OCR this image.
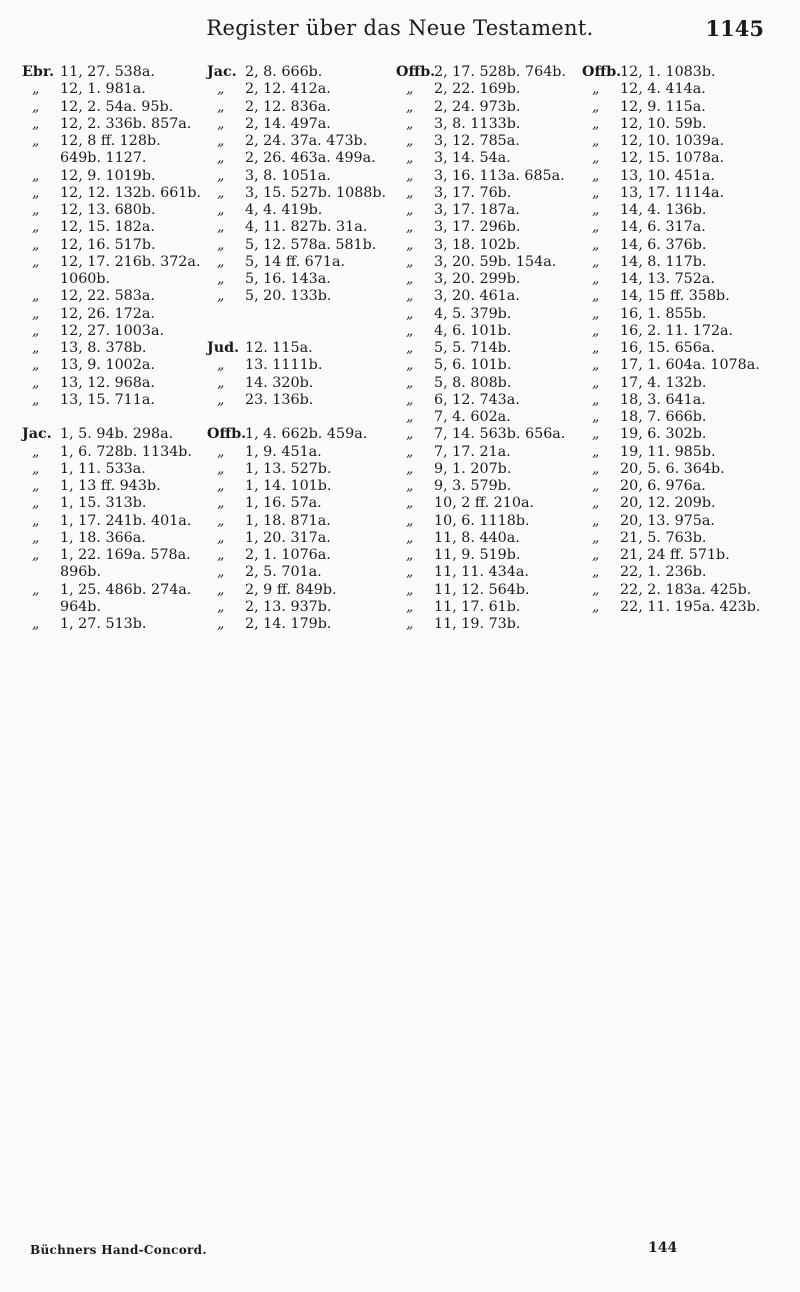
Register über das Neue Testament.	1145
Ebr. 11, 27. 538a.
„ 12, 1. 981a.
„ 12, 2. 54a. 95b.
„ 12, 2. 336b. 857a.
„ 12, 8 ff. 128b.
649b. 1127.
„ 12, 9. 1019b.
„ 12, 12. 132b. 661b.
„ 12, 13. 680b.
„ 12, 15. 182a.
„ 12, 16. 517b.
„ 12, 17. 216b. 372a.
1060b.
„ 12, 22. 583a.
„ 12, 26. 172a.
„ 12, 27. 1003a.
„ 13, 8. 378b.
„ 13, 9. 1002a.
„ 13, 12. 968a.
„ 13, 15. 711a.
Jac. 1, 5. 94b. 298a.
„ 1, 6. 728b. 1134b.
„ 1, 11. 533a.
„ 1, 13 ff. 943b.
„ 1, 15. 313b.
„ 1, 17. 241b. 401a.
„ 1, 18. 366a.
„ 1, 22. 169a. 578a.
896b.
„ 1, 25. 486b. 274a.
964b.
„ 1, 27. 513b.
Jac. 2, 8. 666b.
„ 2, 12. 412a.
„ 2, 12. 836a.
„ 2, 14. 497a.
„ 2, 24. 37a. 473b.
„ 2, 26. 463a. 499a.
„ 3, 8. 1051a.
„ 3, 15. 527b. 1088b.
„ 4, 4. 419b.
„ 4, 11. 827b. 31a.
„ 5, 12. 578a. 581b.
„ 5, 14 ff. 671a.
„ 5, 16. 143a.
„ 5, 20. 133b.
Jud. 12. 115a.
„ 13. 1111b.
„ 14. 320b.
„ 23. 136b.
Offb.1, 4. 662b. 459a.
„ 1, 9. 451a.
„ 1, 13. 527b.
„ 1, 14. 101b.
„ 1, 16. 57a.
„ 1, 18. 871a.
„ 1, 20. 317a.
„ 2, 1. 1076a.
„ 2, 5. 701a.
„ 2, 9 ff. 849b.
„ 2, 13. 937b.
„ 2, 14. 179b.
Offb.2, 17. 528b. 764b.
„ 2, 22. 169b.
„ 2, 24. 973b.
„ 3, 8. 1133b.
„ 3, 12. 785a.
„ 3, 14. 54a.
„ 3, 16. 113a. 685a.
„ 3, 17. 76b.
„ 3, 17. 187a.
„ 3, 17. 296b.
„ 3, 18. 102b.
„ 3, 20. 59b. 154a.
„ 3, 20. 299b.
„ 3, 20. 461a.
„ 4, 5. 379b.
„ 4, 6. 101b.
„ 5, 5. 714b.
„ 5, 6. 101b.
„ 5, 8. 808b.
„ 6, 12. 743a.
„ 7, 4. 602a.
„ 7, 14. 563b. 656a.
„ 7, 17. 21a.
„ 9, 1. 207b.
„ 9, 3. 579b.
„ 10, 2 ff. 210a.
„ 10, 6. 1118b.
„ 11, 8. 440a.
„ 11, 9. 519b.
„ 11, 11. 434a.
„ 11, 12. 564b.
„ 11, 17. 61b.
„ 11, 19. 73b.
Offb.12, 1. 1083b.
„ 12, 4. 414a.
„ 12, 9. 115a.
„ 12, 10. 59b.
„ 12, 10. 1039a.
„ 12, 15. 1078a.
„ 13, 10. 451a.
„ 13, 17. 1114a.
„ 14, 4. 136b.
„ 14, 6. 317a.
„ 14, 6. 376b.
„ 14, 8. 117b.
„ 14, 13. 752a.
„ 14, 15 ff. 358b.
„ 16, 1. 855b.
„ 16, 2. 11. 172a.
„ 16, 15. 656a.
„ 17, 1. 604a. 1078a.
„ 17, 4. 132b.
„ 18, 3. 641a.
„ 18, 7. 666b.
„ 19, 6. 302b.
„ 19, 11. 985b.
„ 20, 5. 6. 364b.
„ 20, 6. 976a.
„ 20, 12. 209b.
„ 20, 13. 975a.
„ 21, 5. 763b.
„ 21, 24 ff. 571b.
„ 22, 1. 236b.
„ 22, 2. 183a. 425b.
„ 22, 11. 195a. 423b.
Büchners Hand-Concord.	144
